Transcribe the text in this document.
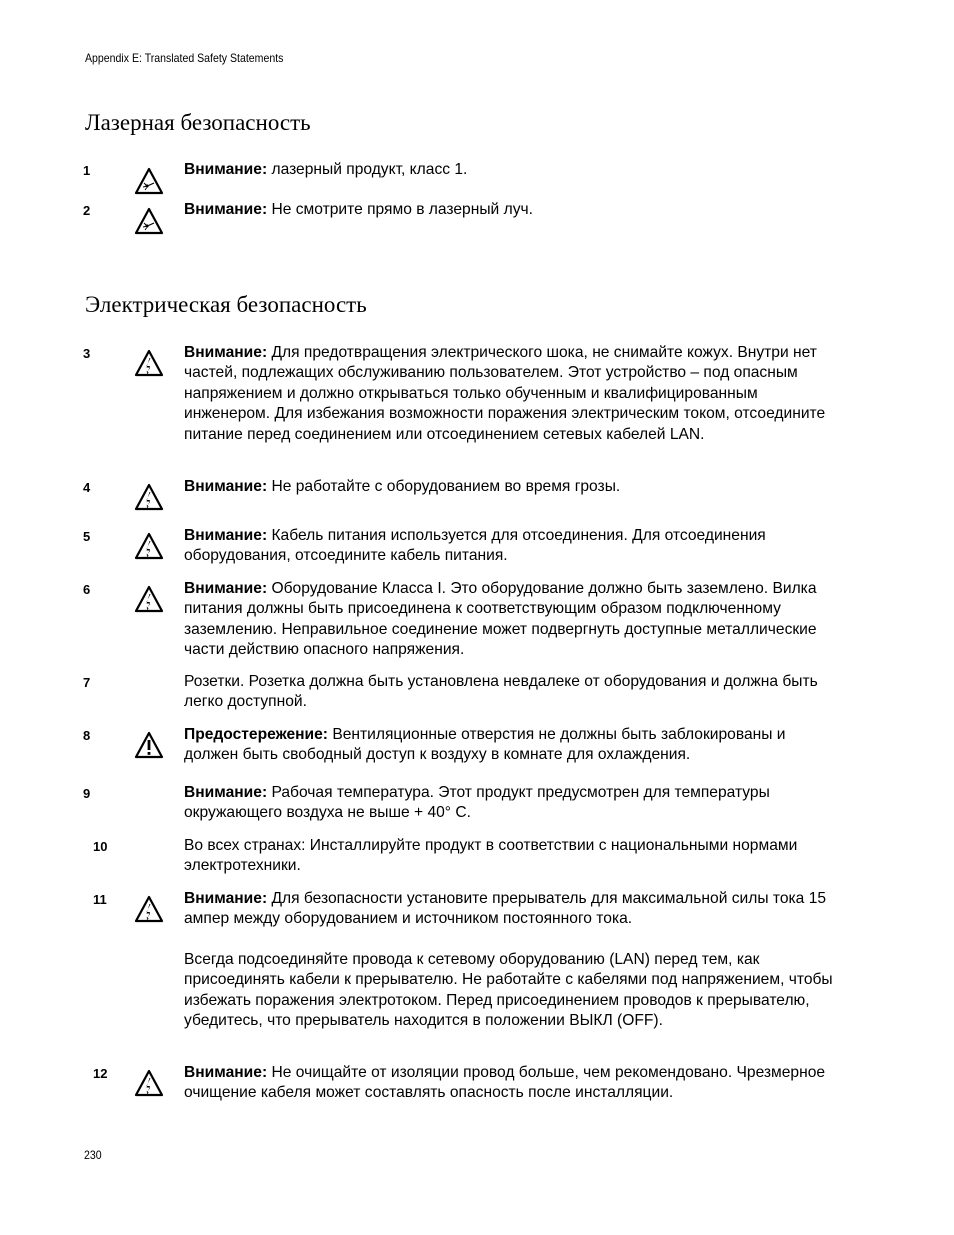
Appendix E: Translated Safety Statements
Лазерная безопасность
1	Внимание: лазерный продукт, класс 1.

2	Внимание: Не смотрите прямо в лазерный луч.

Электрическая безопасность
3	Внимание: Для предотвращения электрического шока, не снимайте кожух. Внутри нет частей, подлежащих обслуживанию пользователем. Этот устройство – под опасным напряжением и должно открываться только обученным и квалифицированным инженером. Для избежания возможности поражения электрическим током, отсоедините питание перед соединением или отсоединением сетевых кабелей LAN.

4	Внимание: Не работайте с оборудованием во время грозы.

5	Внимание: Кабель питания используется для отсоединения. Для отсоединения оборудования, отсоедините кабель питания.

6	Внимание: Оборудование Класса I. Это оборудование должно быть заземлено. Вилка питания должны быть присоединена к соответствующим образом подключенному заземлению. Неправильное соединение может подвергнуть доступные металлические части действию опасного напряжения.

7	Розетки. Розетка должна быть установлена невдалеке от оборудования и должна быть легко доступной.

8	Предостережение: Вентиляционные отверстия не должны быть заблокированы и должен быть свободный доступ к воздуху в комнате для охлаждения.

9	Внимание: Рабочая температура. Этот продукт предусмотрен для температуры окружающего воздуха не выше + 40° С.

10	Во всех странах: Инсталлируйте продукт в соответствии с национальными нормами электротехники.

11	Внимание: Для безопасности установите прерыватель для максимальной силы тока 15 ампер между оборудованием и источником постоянного тока.

Всегда подсоединяйте провода к сетевому оборудованию (LAN) перед тем, как присоединять кабели к прерывателю. Не работайте с кабелями под напряжением, чтобы избежать поражения электротоком. Перед присоединением проводов к прерывателю, убедитесь, что прерыватель находится в положении ВЫКЛ (OFF).

12	Внимание: Не очищайте от изоляции провод больше, чем рекомендовано. Чрезмерное очищение кабеля может составлять опасность после инсталляции.

230
